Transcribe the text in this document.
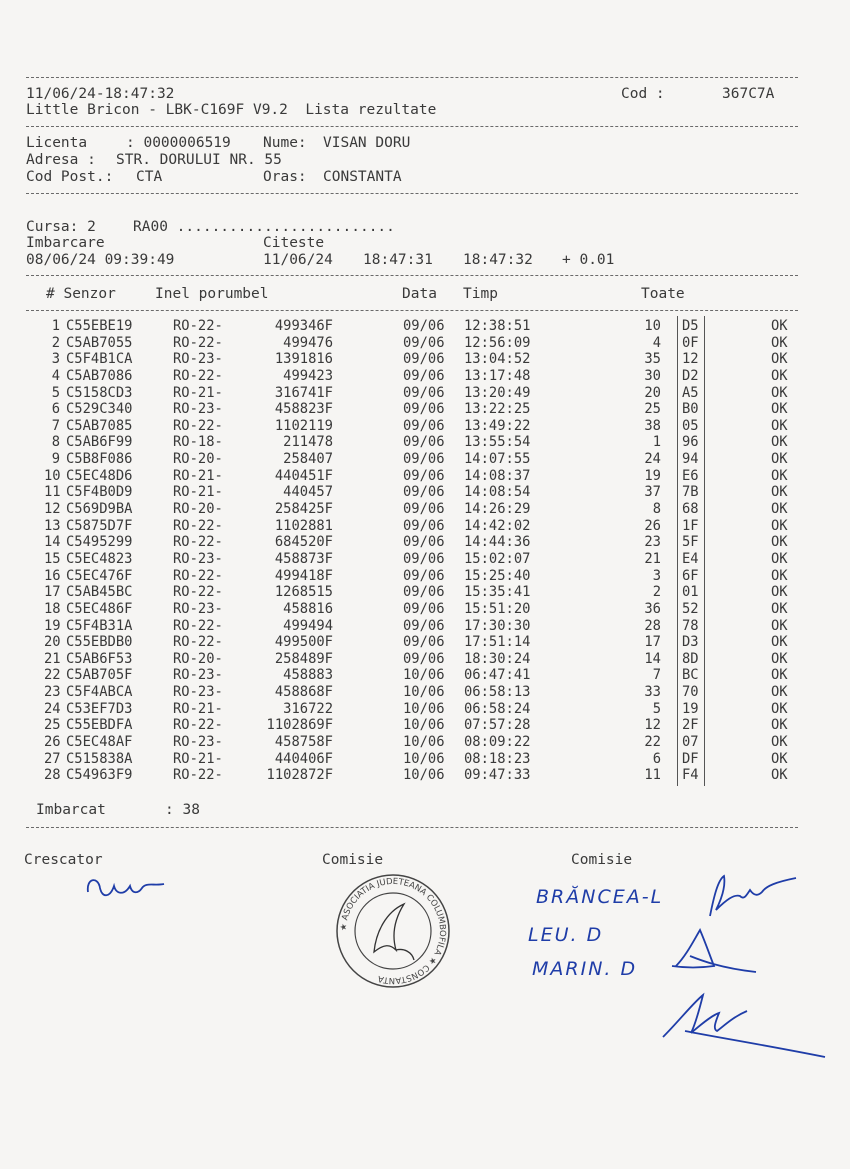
11/06/24-18:47:32	Cod :	367C7A
Little Bricon - LBK-C169F V9.2  Lista rezultate
Licenta	: 0000006519 Nume: VISAN DORU
Adresa : STR. DORULUI NR. 55
Cod Post.: CTA	Oras: CONSTANTA
Cursa: 2	RA00 .........................
Imbarcare	Citeste
08/06/24 09:39:49	11/06/24 18:47:31 18:47:32 + 0.01
# Senzor	Inel porumbel	Data Timp	Toate
1 C55EBE19	RO-22-	499346F	09/06 12:38:51	10 D5	OK
2 C5AB7055	RO-22-	499476	09/06 12:56:09	4 0F	OK
3 C5F4B1CA	RO-23-	1391816	09/06 13:04:52	35 12	OK
4 C5AB7086	RO-22-	499423	09/06 13:17:48	30 D2	OK
5 C5158CD3	RO-21-	316741F	09/06 13:20:49	20 A5	OK
6 C529C340	RO-23-	458823F	09/06 13:22:25	25 B0	OK
7 C5AB7085	RO-22-	1102119	09/06 13:49:22	38 05	OK
8 C5AB6F99	RO-18-	211478	09/06 13:55:54	1 96	OK
9 C5B8F086	RO-20-	258407	09/06 14:07:55	24 94	OK
10 C5EC48D6	RO-21-	440451F	09/06 14:08:37	19 E6	OK
11 C5F4B0D9	RO-21-	440457	09/06 14:08:54	37 7B	OK
12 C569D9BA	RO-20-	258425F	09/06 14:26:29	8 68	OK
13 C5875D7F	RO-22-	1102881	09/06 14:42:02	26 1F	OK
14 C5495299	RO-22-	684520F	09/06 14:44:36	23 5F	OK
15 C5EC4823	RO-23-	458873F	09/06 15:02:07	21 E4	OK
16 C5EC476F	RO-22-	499418F	09/06 15:25:40	3 6F	OK
17 C5AB45BC	RO-22-	1268515	09/06 15:35:41	2 01	OK
18 C5EC486F	RO-23-	458816	09/06 15:51:20	36 52	OK
19 C5F4B31A	RO-22-	499494	09/06 17:30:30	28 78	OK
20 C55EBDB0	RO-22-	499500F	09/06 17:51:14	17 D3	OK
21 C5AB6F53	RO-20-	258489F	09/06 18:30:24	14 8D	OK
22 C5AB705F	RO-23-	458883	10/06 06:47:41	7 BC	OK
23 C5F4ABCA	RO-23-	458868F	10/06 06:58:13	33 70	OK
24 C53EF7D3	RO-21-	316722	10/06 06:58:24	5 19	OK
25 C55EBDFA	RO-22-	1102869F	10/06 07:57:28	12 2F	OK
26 C5EC48AF	RO-23-	458758F	10/06 08:09:22	22 07	OK
27 C515838A	RO-21-	440406F	10/06 08:18:23	6 DF	OK
28 C54963F9	RO-22-	1102872F	10/06 09:47:33	11 F4	OK
Imbarcat	: 38
Crescator	Comisie	Comisie
★ ASOCIATIA JUDETEANA COLUMBOFILA ★ CONSTANTA
BRĂNCEA-L
LEU. D
MARIN. D
